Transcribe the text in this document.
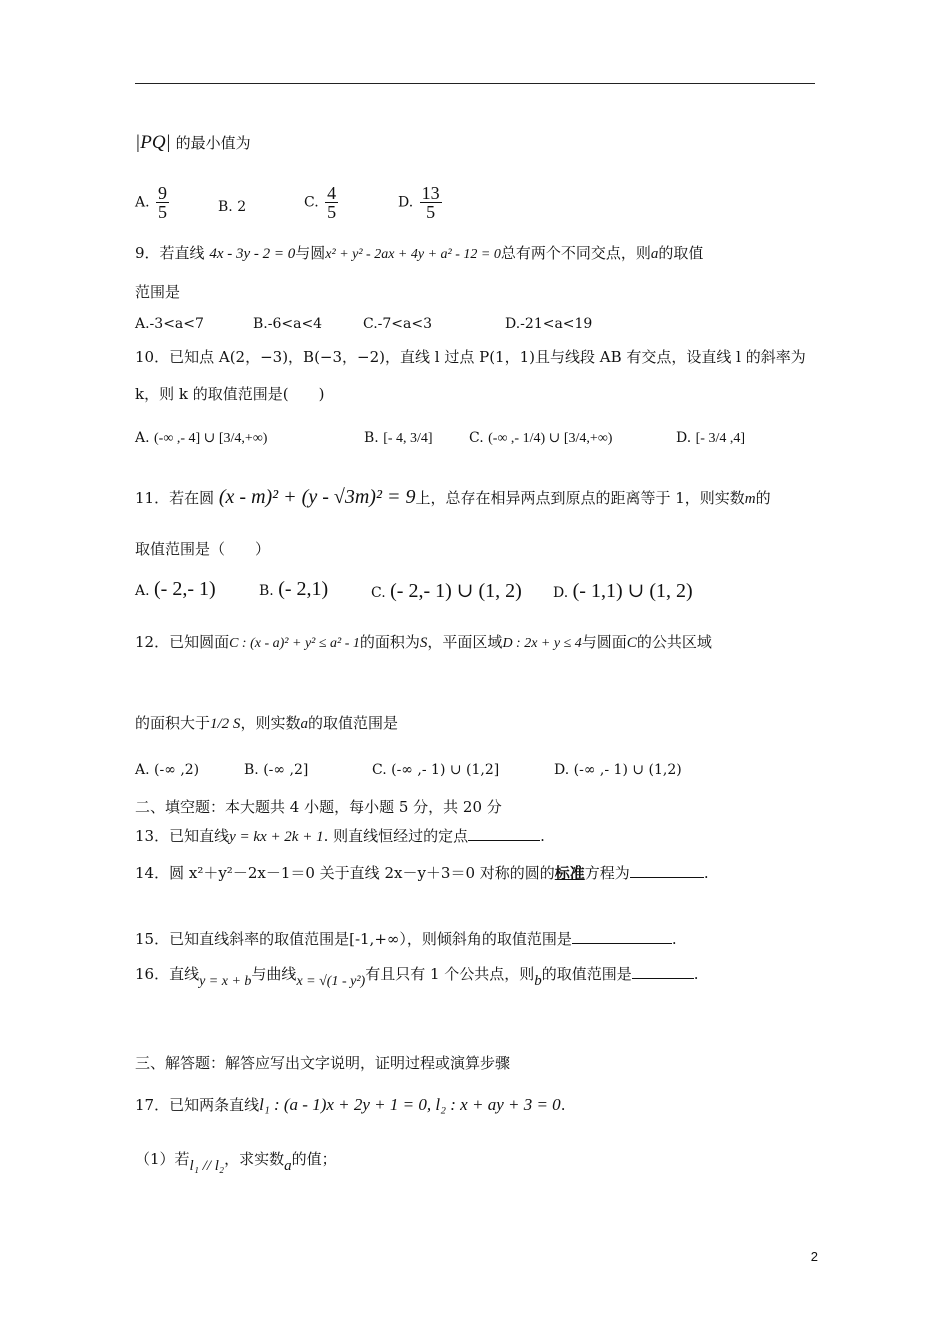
|PQ| 的最小值为
A. $\frac{9}{5}$	B. 2	C. $\frac{4}{5}$	D. $\frac{13}{5}$
9．若直线 4x - 3y - 2 = 0与圆x² + y² - 2ax + 4y + a² - 12 = 0总有两个不同交点，则a的取值
范围是
A.-3<a<7	B.-6<a<4	C.-7<a<3	D.-21<a<19
10．已知点 A(2，−3)，B(−3，−2)，直线 l 过点 P(1，1)且与线段 AB 有交点，设直线 l 的斜率为
k，则 k 的取值范围是(　　)
A. (-∞ ,- 4] ∪ [3/4,+∞)	B. [- 4, 3/4]	C. (-∞ ,- 1/4) ∪ [3/4,+∞)	D. [- 3/4 ,4]
11．若在圆 (x - m)² + (y - √3m)² = 9上，总存在相异两点到原点的距离等于 1，则实数m的
取值范围是（　　）
A. (- 2,- 1)	B. (- 2,1)	C. (- 2,- 1) ∪ (1, 2) D. (- 1,1) ∪ (1, 2)
12．已知圆面C : (x - a)² + y² ≤ a² - 1的面积为S，平面区域D : 2x + y ≤ 4与圆面C的公共区域
的面积大于1/2 S，则实数a的取值范围是
A. (-∞ ,2)	B. (-∞ ,2]	C. (-∞ ,- 1) ∪ (1,2]	D. (-∞ ,- 1) ∪ (1,2)
二、填空题：本大题共 4 小题，每小题 5 分，共 20 分
13．已知直线y = kx + 2k + 1. 则直线恒经过的定点	.
14．圆 x²＋y²－2x－1＝0 关于直线 2x－y＋3＝0 对称的圆的标准方程为	.
15．已知直线斜率的取值范围是[-1,+∞），则倾斜角的取值范围是	.
16．直线y = x + b与曲线x = √(1 - y²)有且只有 1 个公共点，则b的取值范围是	.
三、解答题：解答应写出文字说明，证明过程或演算步骤
17．已知两条直线l₁ : (a - 1)x + 2y + 1 = 0, l₂ : x + ay + 3 = 0.
（1）若l₁ // l₂，求实数a的值；
2
